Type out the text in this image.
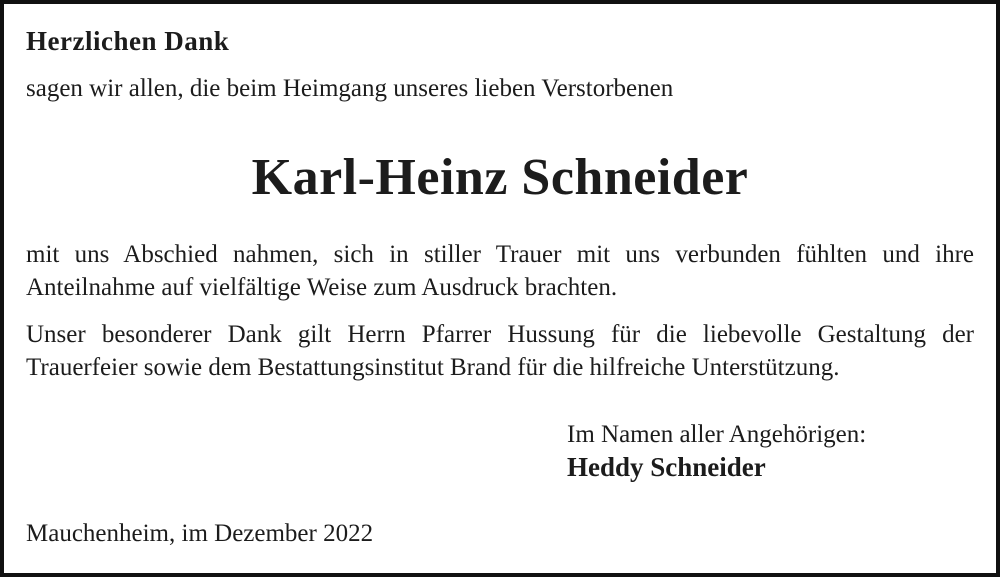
Herzlichen Dank
sagen wir allen, die beim Heimgang unseres lieben Verstorbenen
Karl-Heinz Schneider
mit uns Abschied nahmen, sich in stiller Trauer mit uns verbunden fühlten und ihre
Anteilnahme auf vielfältige Weise zum Ausdruck brachten.
Unser besonderer Dank gilt Herrn Pfarrer Hussung für die liebevolle Gestaltung der
Trauerfeier sowie dem Bestattungsinstitut Brand für die hilfreiche Unterstützung.
Im Namen aller Angehörigen:
Heddy Schneider
Mauchenheim, im Dezember 2022
